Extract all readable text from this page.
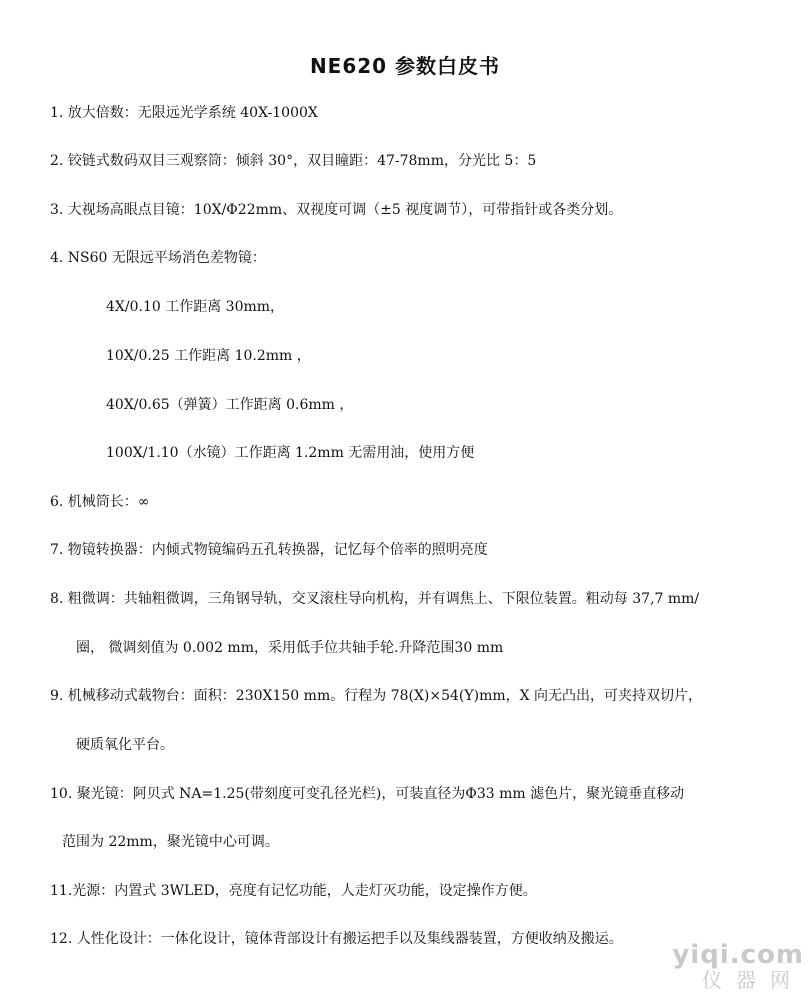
NE620 参数白皮书
1. 放大倍数：无限远光学系统 40X-1000X
2. 铰链式数码双目三观察筒：倾斜 30°，双目瞳距：47-78mm，分光比 5：5
3. 大视场高眼点目镜：10X/Φ22mm、双视度可调（±5 视度调节），可带指针或各类分划。
4. NS60 无限远平场消色差物镜：
4X/0.10 工作距离 30mm，
10X/0.25 工作距离 10.2mm ，
40X/0.65（弹簧）工作距离 0.6mm ，
100X/1.10（水镜）工作距离 1.2mm 无需用油，使用方便
6. 机械筒长：∞
7. 物镜转换器：内倾式物镜编码五孔转换器，记忆每个倍率的照明亮度
8. 粗微调：共轴粗微调，三角钢导轨，交叉滚柱导向机构，并有调焦上、下限位装置。粗动每 37,7 mm/
圈， 微调刻值为 0.002 mm，采用低手位共轴手轮.升降范围30 mm
9. 机械移动式载物台：面积：230X150 mm。行程为 78(X)×54(Y)mm，X 向无凸出，可夹持双切片，
硬质氧化平台。
10. 聚光镜：阿贝式 NA=1.25(带刻度可变孔径光栏)，可装直径为Φ33 mm 滤色片，聚光镜垂直移动
范围为 22mm，聚光镜中心可调。
11.光源：内置式 3WLED，亮度有记忆功能，人走灯灭功能，设定操作方便。
12. 人性化设计：一体化设计，镜体背部设计有搬运把手以及集线器装置，方便收纳及搬运。
yiqi.com
仪器网
